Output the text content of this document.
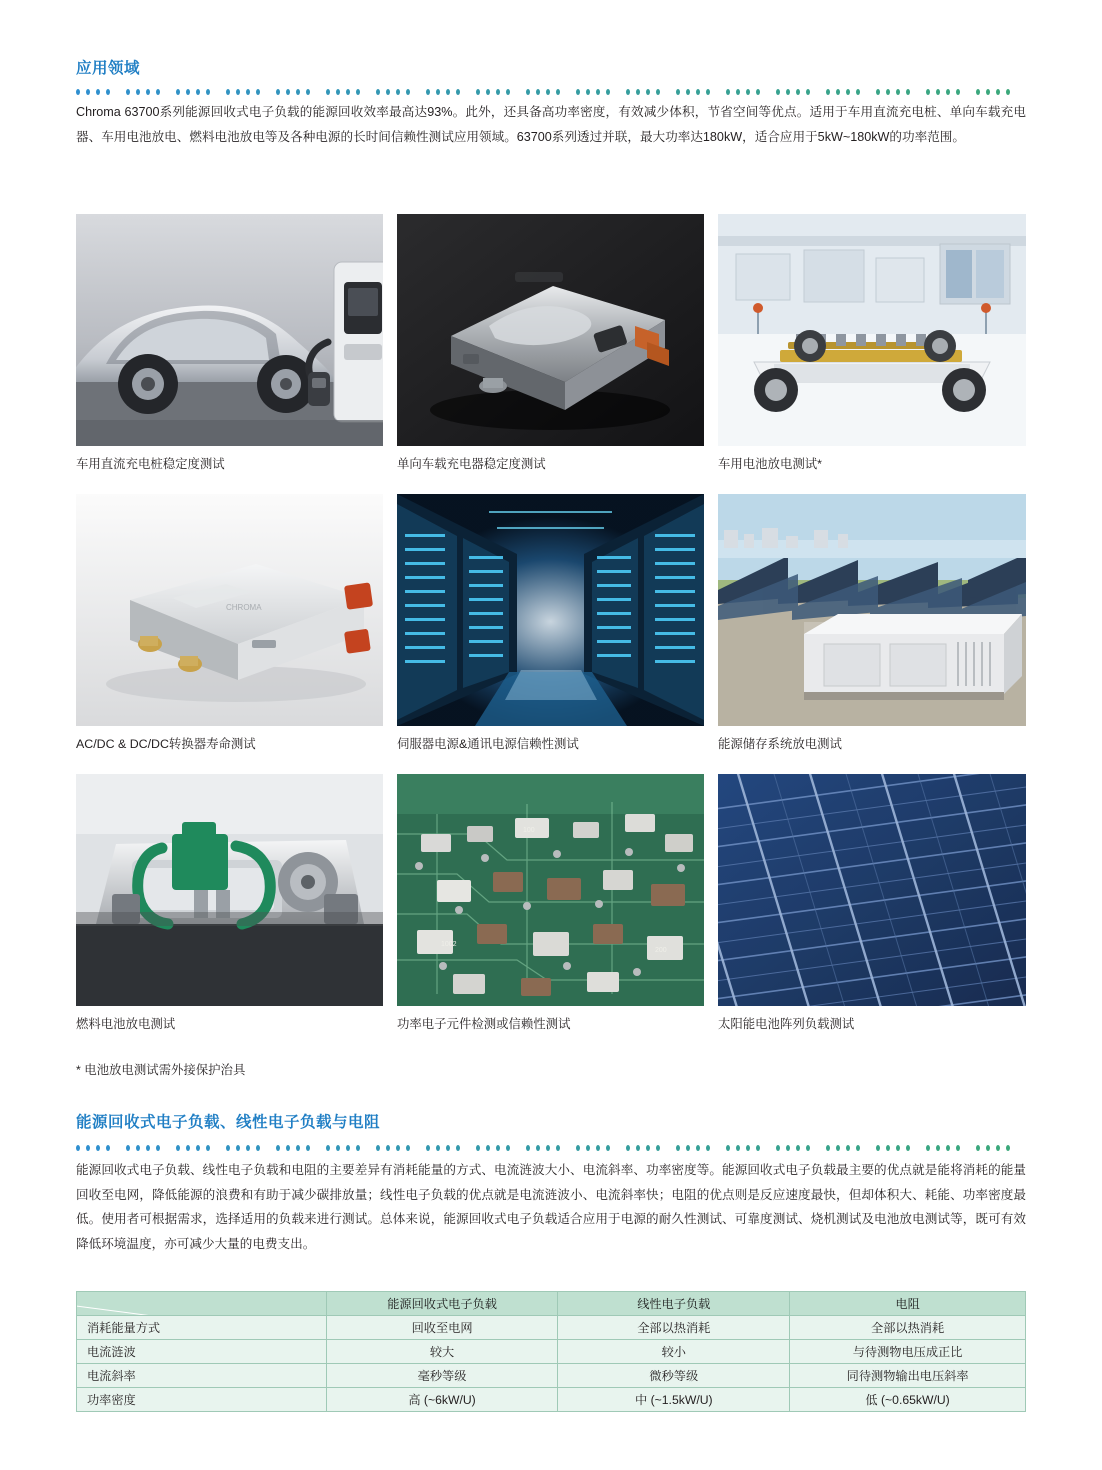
应用领域
Chroma 63700系列能源回收式电子负载的能源回收效率最高达93%。此外，还具备高功率密度，有效减少体积，节省空间等优点。适用于车用直流充电桩、单向车载充电器、车用电池放电、燃料电池放电等及各种电源的长时间信赖性测试应用领域。63700系列透过并联，最大功率达180kW，适合应用于5kW~180kW的功率范围。
车用直流充电桩稳定度测试	单向车载充电器稳定度测试	车用电池放电测试*
CHROMA
AC/DC & DC/DC转换器寿命测试	伺服器电源&通讯电源信赖性测试	能源储存系统放电测试
燃料电池放电测试
100
200
1002
功率电子元件检测或信赖性测试	太阳能电池阵列负载测试
* 电池放电测试需外接保护治具
能源回收式电子负载、线性电子负载与电阻
能源回收式电子负载、线性电子负载和电阻的主要差异有消耗能量的方式、电流涟波大小、电流斜率、功率密度等。能源回收式电子负载最主要的优点就是能将消耗的能量回收至电网，降低能源的浪费和有助于减少碳排放量；线性电子负载的优点就是电流涟波小、电流斜率快；电阻的优点则是反应速度最快，但却体积大、耗能、功率密度最低。使用者可根据需求，选择适用的负载来进行测试。总体来说，能源回收式电子负载适合应用于电源的耐久性测试、可靠度测试、烧机测试及电池放电测试等，既可有效降低环境温度，亦可减少大量的电费支出。
	能源回收式电子负载	线性电子负载	电阻
消耗能量方式	回收至电网	全部以热消耗	全部以热消耗
电流涟波	较大	较小	与待测物电压成正比
电流斜率	毫秒等级	微秒等级	同待测物输出电压斜率
功率密度	高 (~6kW/U)	中 (~1.5kW/U)	低 (~0.65kW/U)
